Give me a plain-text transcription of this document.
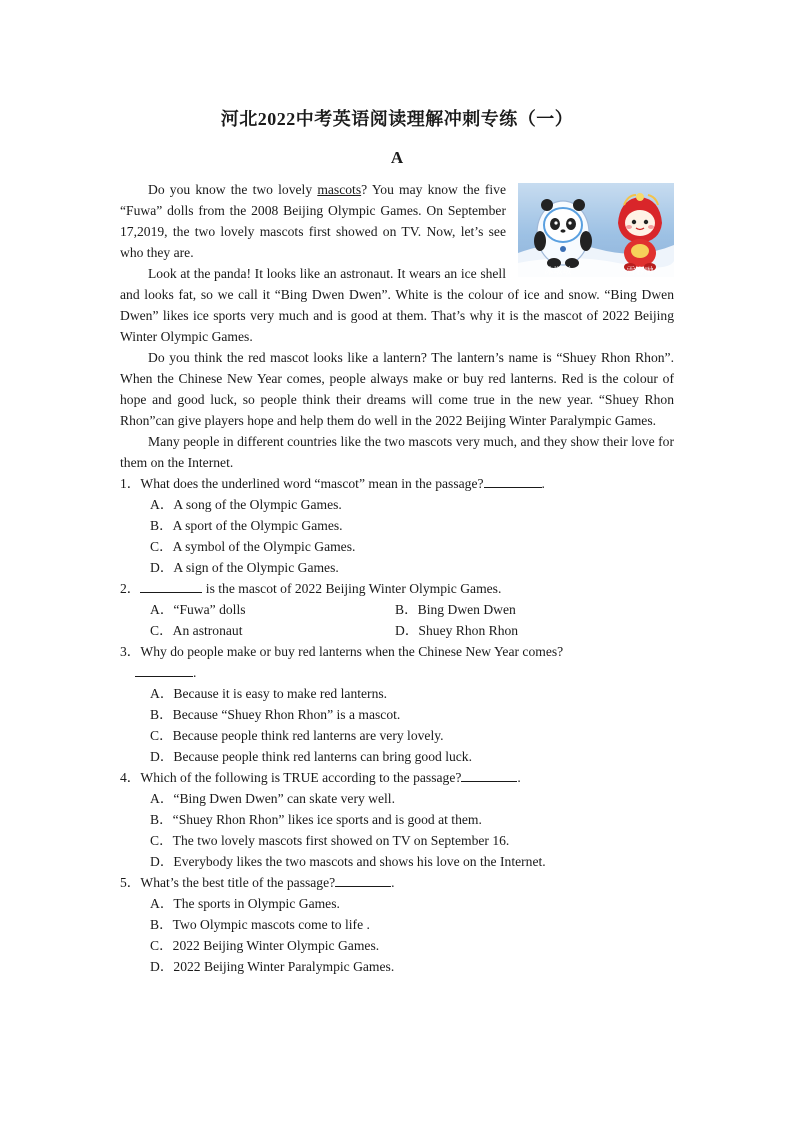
河北2022中考英语阅读理解冲刺专练（一）
A
冰墩墩	雪容融

Do you know the two lovely mascots? You may know the five “Fuwa” dolls from the 2008 Beijing Olympic Games. On September 17,2019, the two lovely mascots first showed on TV. Now, let’s see who they are.

Look at the panda! It looks like an astronaut. It wears an ice shell and looks fat, so we call it “Bing Dwen Dwen”. White is the colour of ice and snow. “Bing Dwen Dwen” likes ice sports very much and is good at them. That’s why it is the mascot of 2022 Beijing Winter Olympic Games.

Do you think the red mascot looks like a lantern? The lantern’s name is “Shuey Rhon Rhon”. When the Chinese New Year comes, people always make or buy red lanterns. Red is the colour of hope and good luck, so people think their dreams will come true in the new year. “Shuey Rhon Rhon”can give players hope and help them do well in the 2022 Beijing Winter Paralympic Games.

Many people in different countries like the two mascots very much, and they show their love for them on the Internet.

1．What does the underlined word “mascot” mean in the passage?	.

A．A song of the Olympic Games.

B．A sport of the Olympic Games.

C．A symbol of the Olympic Games.

D．A sign of the Olympic Games.

2．	is the mascot of 2022 Beijing Winter Olympic Games.

A．“Fuwa” dolls	B．Bing Dwen Dwen
C．An astronaut	D．Shuey Rhon Rhon

3．Why do people make or buy red lanterns when the Chinese New Year comes?

.

A．Because it is easy to make red lanterns.

B．Because “Shuey Rhon Rhon” is a mascot.

C．Because people think red lanterns are very lovely.

D．Because people think red lanterns can bring good luck.

4．Which of the following is TRUE according to the passage?	.

A．“Bing Dwen Dwen” can skate very well.

B．“Shuey Rhon Rhon” likes ice sports and is good at them.

C．The two lovely mascots first showed on TV on September 16.

D．Everybody likes the two mascots and shows his love on the Internet.

5．What’s the best title of the passage?	.

A．The sports in Olympic Games.

B．Two Olympic mascots come to life .

C．2022 Beijing Winter Olympic Games.

D．2022 Beijing Winter Paralympic Games.
